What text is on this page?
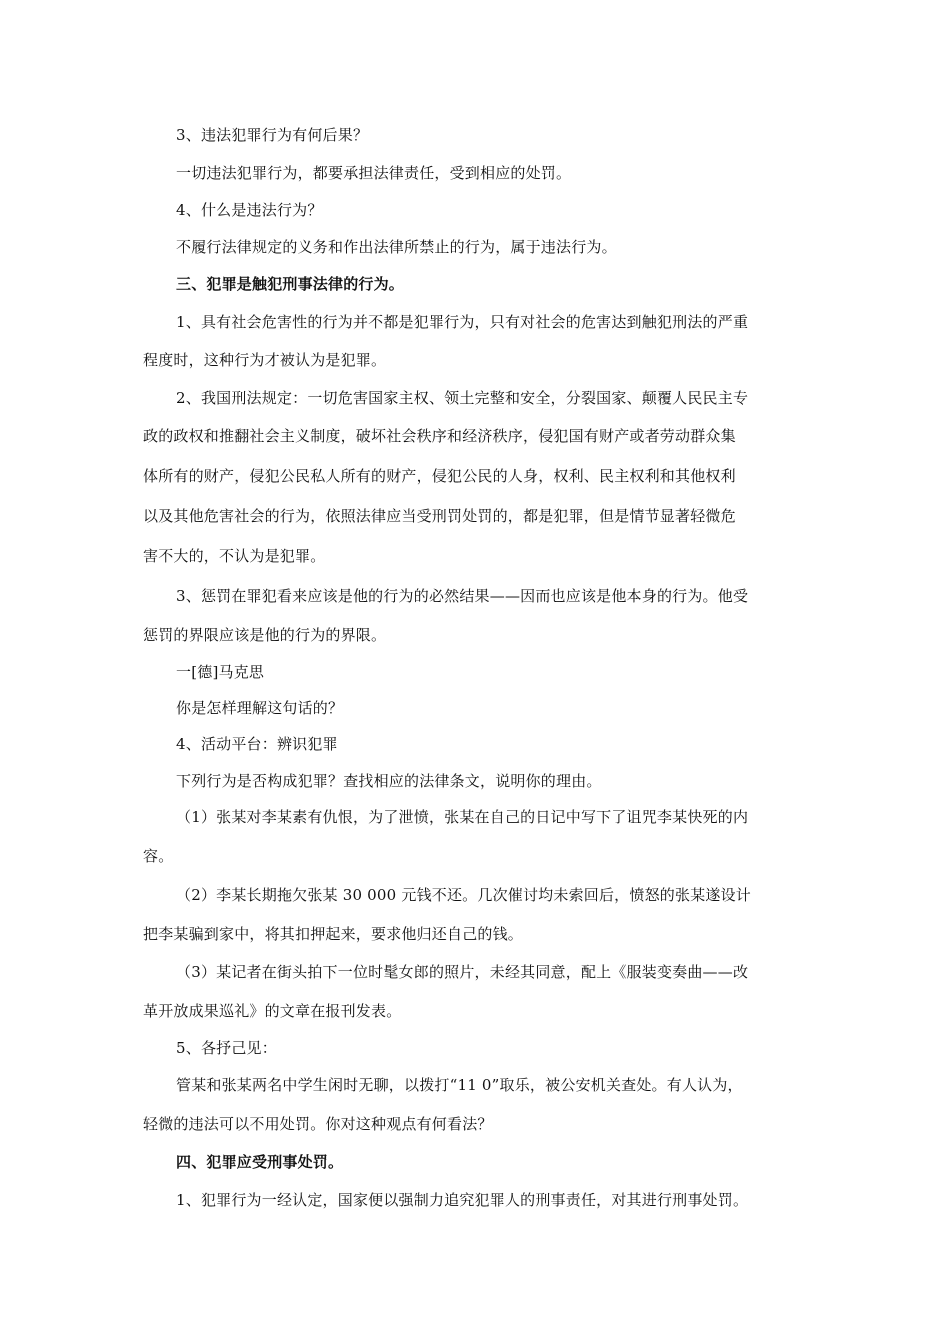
3、违法犯罪行为有何后果？
一切违法犯罪行为，都要承担法律责任，受到相应的处罚。
4、什么是违法行为？
不履行法律规定的义务和作出法律所禁止的行为，属于违法行为。
三、犯罪是触犯刑事法律的行为。
1、具有社会危害性的行为并不都是犯罪行为，只有对社会的危害达到触犯刑法的严重
程度时，这种行为才被认为是犯罪。
2、我国刑法规定：一切危害国家主权、领土完整和安全，分裂国家、颠覆人民民主专
政的政权和推翻社会主义制度，破坏社会秩序和经济秩序，侵犯国有财产或者劳动群众集
体所有的财产，侵犯公民私人所有的财产，侵犯公民的人身，权利、民主权利和其他权利
以及其他危害社会的行为，依照法律应当受刑罚处罚的，都是犯罪，但是情节显著轻微危
害不大的，不认为是犯罪。
3、惩罚在罪犯看来应该是他的行为的必然结果——因而也应该是他本身的行为。他受
惩罚的界限应该是他的行为的界限。
一[德]马克思
你是怎样理解这句话的？
4、活动平台：辨识犯罪
下列行为是否构成犯罪？查找相应的法律条文，说明你的理由。
（1）张某对李某素有仇恨，为了泄愤，张某在自己的日记中写下了诅咒李某快死的内
容。
（2）李某长期拖欠张某 30 000 元钱不还。几次催讨均未索回后，愤怒的张某遂设计
把李某骗到家中，将其扣押起来，要求他归还自己的钱。
（3）某记者在街头拍下一位时髦女郎的照片，未经其同意，配上《服装变奏曲——改
革开放成果巡礼》的文章在报刊发表。
5、各抒己见：
管某和张某两名中学生闲时无聊，以拨打“11 0”取乐，被公安机关查处。有人认为，
轻微的违法可以不用处罚。你对这种观点有何看法？
四、犯罪应受刑事处罚。
1、犯罪行为一经认定，国家便以强制力追究犯罪人的刑事责任，对其进行刑事处罚。
